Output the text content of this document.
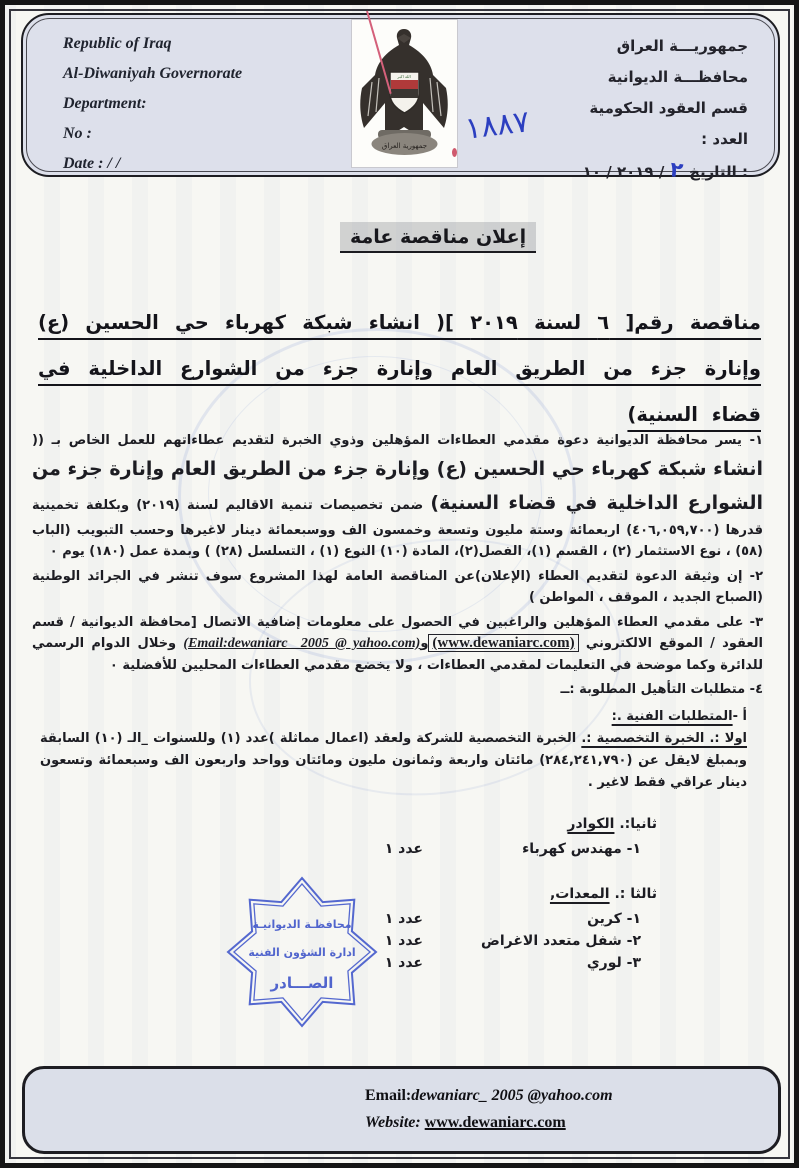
Republic of Iraq
Al-Diwaniyah Governorate
Department:
No :
Date : / /
جمهوريـــة العراق
محافظـــة الديوانية
قسم العقود الحكومية
العدد :
١٨٨٧
٢٠١٩ / ١٠ / ٢ التاريخ :
الله اكبر
جمهورية العراق
إعلان مناقصة عامة
مناقصة رقم[ ٦ لسنة ٢٠١٩ ]( انشاء شبكة كهرباء حي الحسين (ع) وإنارة جزء من الطريق العام وإنارة جزء من الشوارع الداخلية في قضاء السنية)

١- يسر محافظة الديوانية دعوة مقدمي العطاءات المؤهلين وذوي الخبرة لتقديم عطاءاتهم للعمل الخاص بـ (( انشاء شبكة كهرباء حي الحسين (ع) وإنارة جزء من الطريق العام وإنارة جزء من الشوارع الداخلية في قضاء السنية) ضمن تخصيصات تنمية الاقاليم لسنة (٢٠١٩) وبكلفة تخمينية قدرها (٤٠٦,٠٥٩,٧٠٠) اربعمائة وستة مليون وتسعة وخمسون الف ووسبعمائة دينار لاغيرها وحسب التبويب (الباب (٥٨) ، نوع الاستثمار (٢) ، القسم (١)، الفصل(٢)، المادة (١٠) النوع (١) ، التسلسل (٢٨) ) وبمدة عمل (١٨٠) يوم ٠

٢- إن وثيقة الدعوة لتقديم العطاء (الإعلان)عن المناقصة العامة لهذا المشروع سوف تنشر في الجرائد الوطنية (الصباح الجديد ، الموقف ، المواطن )

٣- على مقدمي العطاء المؤهلين والراغبين في الحصول على معلومات إضافية الاتصال [محافظة الديوانية / قسم العقود / الموقع الالكتروني (www.dewaniarc.com)و(Email:dewaniarc_ 2005 @ yahoo.com) وخلال الدوام الرسمي للدائرة وكما موضحة في التعليمات لمقدمي العطاءات ، ولا يخضع مقدمي العطاءات المحليين للأفضلية ٠

٤- متطلبات التأهيل المطلوبة :ــ

أ -المتطلبات الفنية .:
اولا :. الخبرة التخصصية :. الخبرة التخصصية للشركة ولعقد (اعمال مماثلة )عدد (١) وللسنوات _الـ (١٠) السابقة وبمبلغ لايقل عن (٢٨٤,٢٤١,٧٩٠) مائتان واربعة وثمانون مليون ومائتان وواحد واربعون الف وسبعمائة وتسعون دينار عراقي فقط لاغير .
ثانيا:. الكوادر
١- مهندس كهرباء
عدد ١
ثالثا :. المعدات,
١- كرين
عدد ١
٢- شفل متعدد الاغراض
عدد ١
٣- لوري
عدد ١
محافظـة الديوانيـة
ادارة الشؤون الفنية
الصـــادر
Email:dewaniarc_ 2005 @yahoo.com
Website: www.dewaniarc.com
